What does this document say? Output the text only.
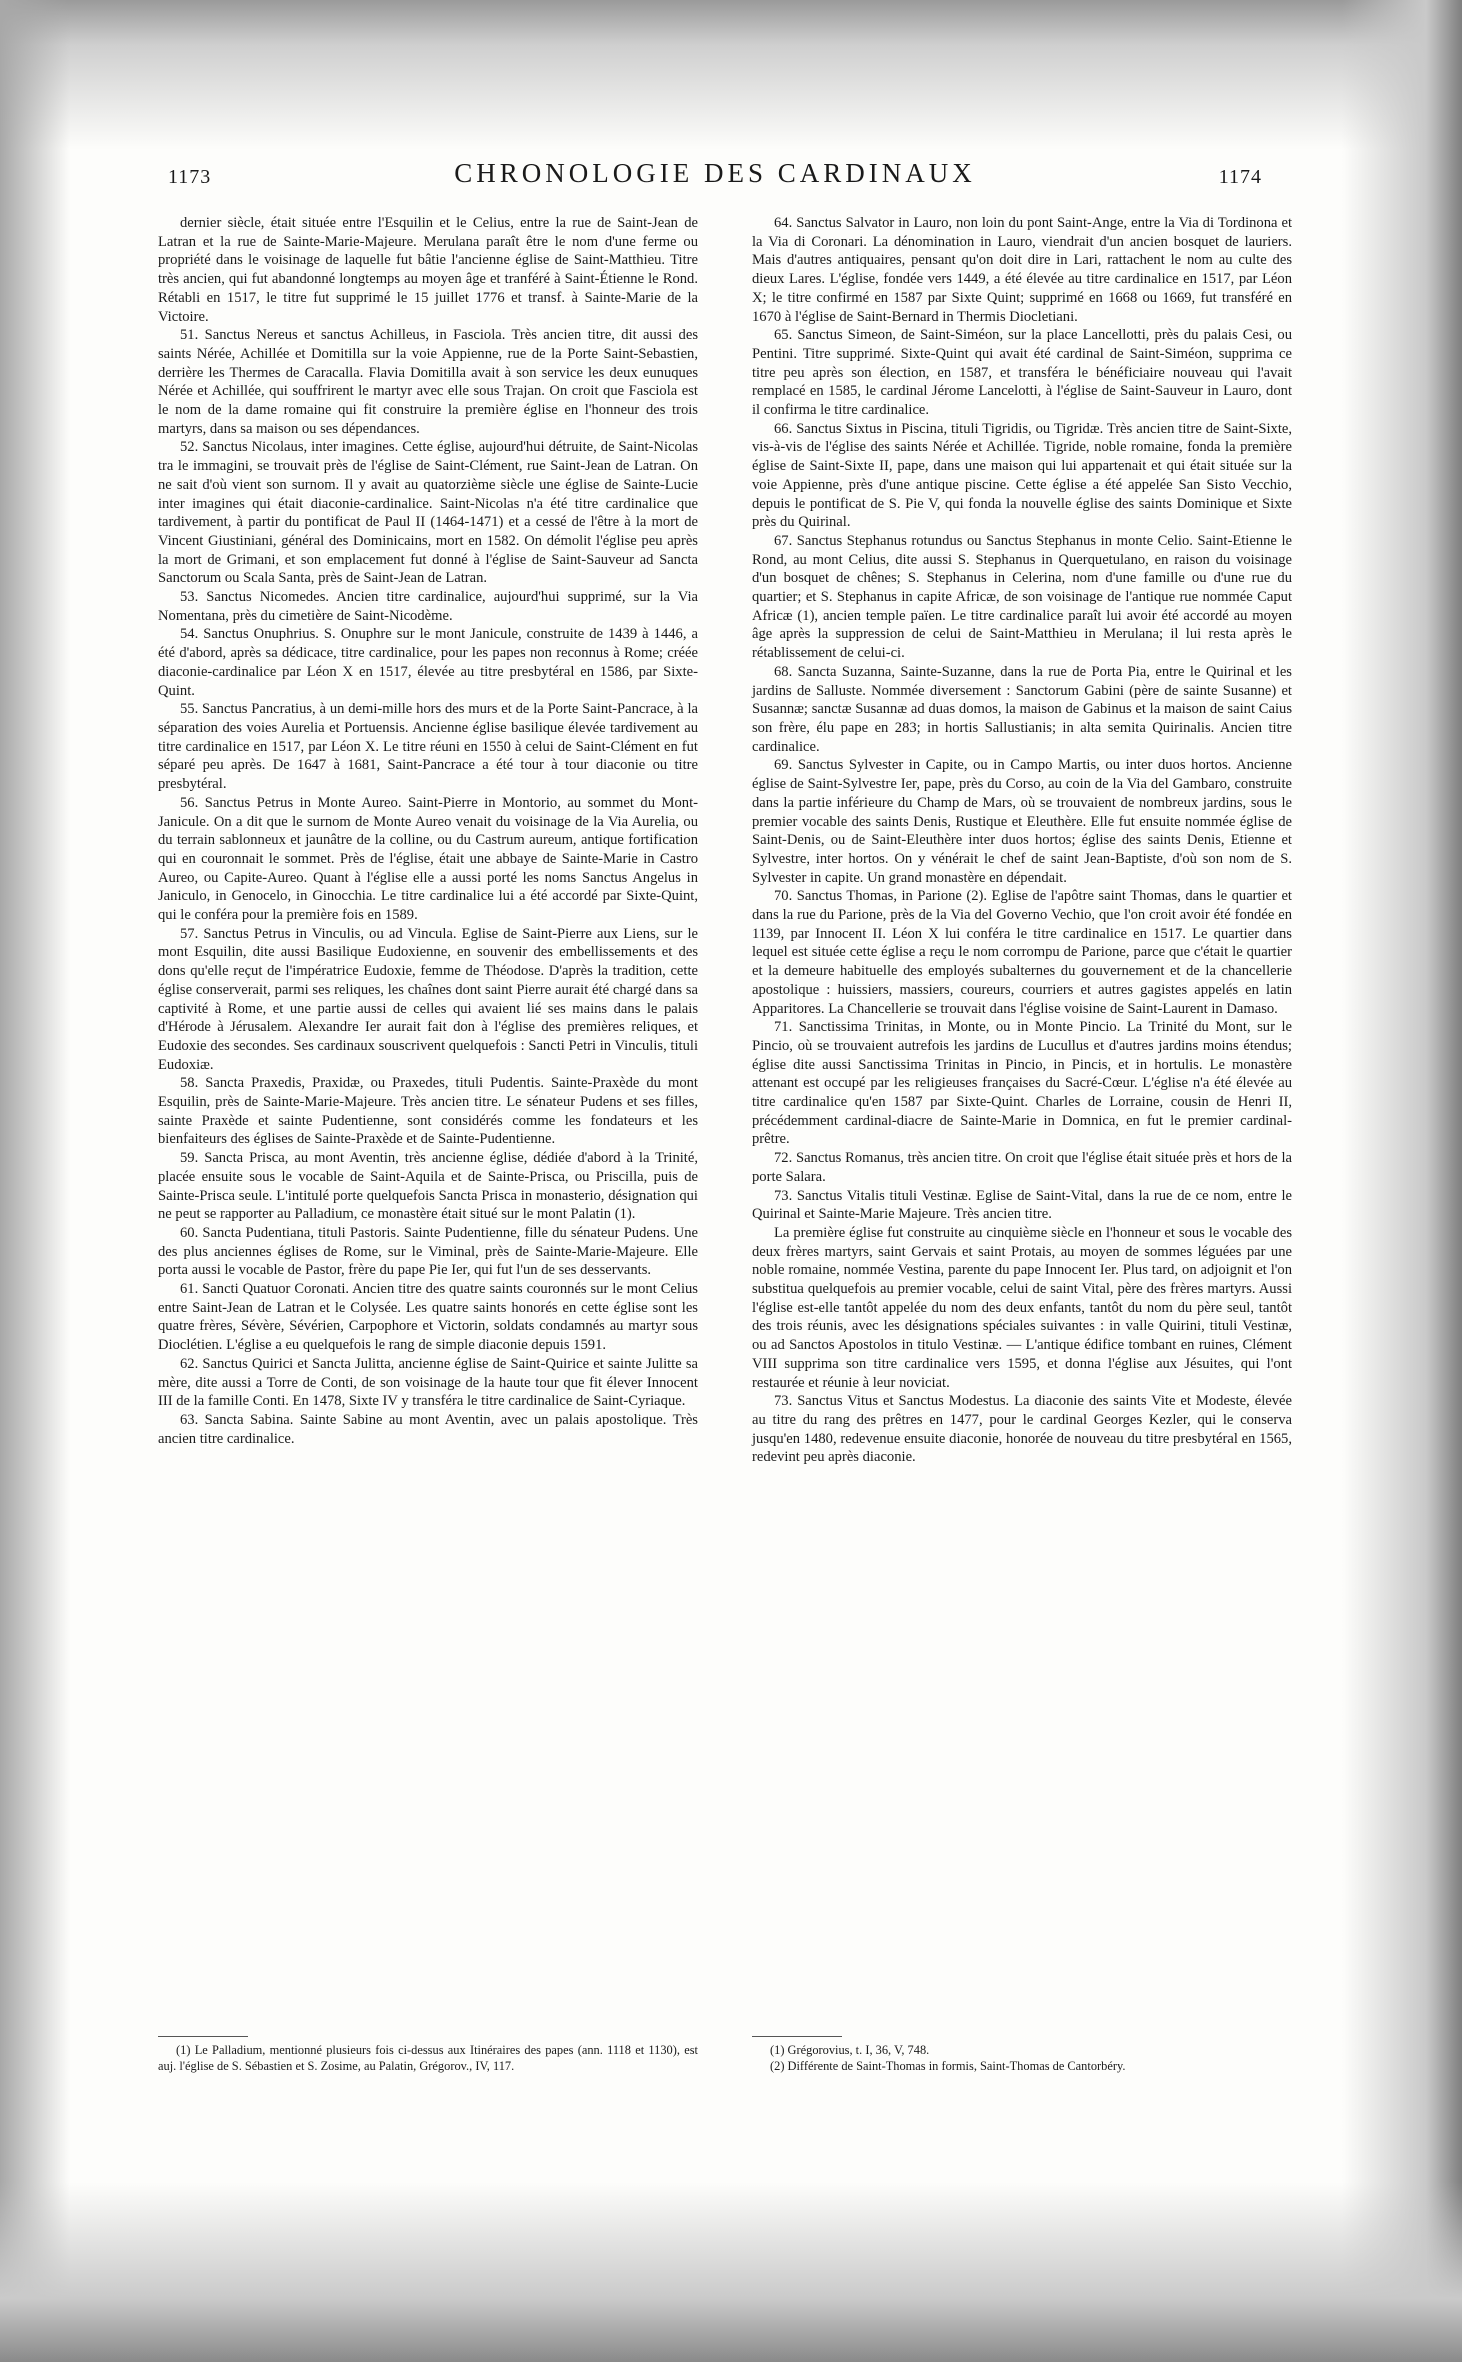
1173	CHRONOLOGIE DES CARDINAUX	1174

dernier siècle, était située entre l'Esquilin et le Celius, entre la rue de Saint-Jean de Latran et la rue de Sainte-Marie-Majeure. Merulana paraît être le nom d'une ferme ou propriété dans le voisinage de laquelle fut bâtie l'ancienne église de Saint-Matthieu. Titre très ancien, qui fut abandonné longtemps au moyen âge et tranféré à Saint-Étienne le Rond. Rétabli en 1517, le titre fut supprimé le 15 juillet 1776 et transf. à Sainte-Marie de la Victoire.

51. Sanctus Nereus et sanctus Achilleus, in Fasciola. Très ancien titre, dit aussi des saints Nérée, Achillée et Domitilla sur la voie Appienne, rue de la Porte Saint-Sebastien, derrière les Thermes de Caracalla. Flavia Domitilla avait à son service les deux eunuques Nérée et Achillée, qui souffrirent le martyr avec elle sous Trajan. On croit que Fasciola est le nom de la dame romaine qui fit construire la première église en l'honneur des trois martyrs, dans sa maison ou ses dépendances.

52. Sanctus Nicolaus, inter imagines. Cette église, aujourd'hui détruite, de Saint-Nicolas tra le immagini, se trouvait près de l'église de Saint-Clément, rue Saint-Jean de Latran. On ne sait d'où vient son surnom. Il y avait au quatorzième siècle une église de Sainte-Lucie inter imagines qui était diaconie-cardinalice. Saint-Nicolas n'a été titre cardinalice que tardivement, à partir du pontificat de Paul II (1464-1471) et a cessé de l'être à la mort de Vincent Giustiniani, général des Dominicains, mort en 1582. On démolit l'église peu après la mort de Grimani, et son emplacement fut donné à l'église de Saint-Sauveur ad Sancta Sanctorum ou Scala Santa, près de Saint-Jean de Latran.

53. Sanctus Nicomedes. Ancien titre cardinalice, aujourd'hui supprimé, sur la Via Nomentana, près du cimetière de Saint-Nicodème.

54. Sanctus Onuphrius. S. Onuphre sur le mont Janicule, construite de 1439 à 1446, a été d'abord, après sa dédicace, titre cardinalice, pour les papes non reconnus à Rome; créée diaconie-cardinalice par Léon X en 1517, élevée au titre presbytéral en 1586, par Sixte-Quint.

55. Sanctus Pancratius, à un demi-mille hors des murs et de la Porte Saint-Pancrace, à la séparation des voies Aurelia et Portuensis. Ancienne église basilique élevée tardivement au titre cardinalice en 1517, par Léon X. Le titre réuni en 1550 à celui de Saint-Clément en fut séparé peu après. De 1647 à 1681, Saint-Pancrace a été tour à tour diaconie ou titre presbytéral.

56. Sanctus Petrus in Monte Aureo. Saint-Pierre in Montorio, au sommet du Mont-Janicule. On a dit que le surnom de Monte Aureo venait du voisinage de la Via Aurelia, ou du terrain sablonneux et jaunâtre de la colline, ou du Castrum aureum, antique fortification qui en couronnait le sommet. Près de l'église, était une abbaye de Sainte-Marie in Castro Aureo, ou Capite-Aureo. Quant à l'église elle a aussi porté les noms Sanctus Angelus in Janiculo, in Genocelo, in Ginocchia. Le titre cardinalice lui a été accordé par Sixte-Quint, qui le conféra pour la première fois en 1589.

57. Sanctus Petrus in Vinculis, ou ad Vincula. Eglise de Saint-Pierre aux Liens, sur le mont Esquilin, dite aussi Basilique Eudoxienne, en souvenir des embellissements et des dons qu'elle reçut de l'impératrice Eudoxie, femme de Théodose. D'après la tradition, cette église conserverait, parmi ses reliques, les chaînes dont saint Pierre aurait été chargé dans sa captivité à Rome, et une partie aussi de celles qui avaient lié ses mains dans le palais d'Hérode à Jérusalem. Alexandre Ier aurait fait don à l'église des premières reliques, et Eudoxie des secondes. Ses cardinaux souscrivent quelquefois : Sancti Petri in Vinculis, tituli Eudoxiæ.

58. Sancta Praxedis, Praxidæ, ou Praxedes, tituli Pudentis. Sainte-Praxède du mont Esquilin, près de Sainte-Marie-Majeure. Très ancien titre. Le sénateur Pudens et ses filles, sainte Praxède et sainte Pudentienne, sont considérés comme les fondateurs et les bienfaiteurs des églises de Sainte-Praxède et de Sainte-Pudentienne.

59. Sancta Prisca, au mont Aventin, très ancienne église, dédiée d'abord à la Trinité, placée ensuite sous le vocable de Saint-Aquila et de Sainte-Prisca, ou Priscilla, puis de Sainte-Prisca seule. L'intitulé porte quelquefois Sancta Prisca in monasterio, désignation qui ne peut se rapporter au Palladium, ce monastère était situé sur le mont Palatin (1).

60. Sancta Pudentiana, tituli Pastoris. Sainte Pudentienne, fille du sénateur Pudens. Une des plus anciennes églises de Rome, sur le Viminal, près de Sainte-Marie-Majeure. Elle porta aussi le vocable de Pastor, frère du pape Pie Ier, qui fut l'un de ses desservants.

61. Sancti Quatuor Coronati. Ancien titre des quatre saints couronnés sur le mont Celius entre Saint-Jean de Latran et le Colysée. Les quatre saints honorés en cette église sont les quatre frères, Sévère, Sévérien, Carpophore et Victorin, soldats condamnés au martyr sous Dioclétien. L'église a eu quelquefois le rang de simple diaconie depuis 1591.

62. Sanctus Quirici et Sancta Julitta, ancienne église de Saint-Quirice et sainte Julitte sa mère, dite aussi a Torre de Conti, de son voisinage de la haute tour que fit élever Innocent III de la famille Conti. En 1478, Sixte IV y transféra le titre cardinalice de Saint-Cyriaque.

63. Sancta Sabina. Sainte Sabine au mont Aventin, avec un palais apostolique. Très ancien titre cardinalice.

64. Sanctus Salvator in Lauro, non loin du pont Saint-Ange, entre la Via di Tordinona et la Via di Coronari. La dénomination in Lauro, viendrait d'un ancien bosquet de lauriers. Mais d'autres antiquaires, pensant qu'on doit dire in Lari, rattachent le nom au culte des dieux Lares. L'église, fondée vers 1449, a été élevée au titre cardinalice en 1517, par Léon X; le titre confirmé en 1587 par Sixte Quint; supprimé en 1668 ou 1669, fut transféré en 1670 à l'église de Saint-Bernard in Thermis Diocletiani.

65. Sanctus Simeon, de Saint-Siméon, sur la place Lancellotti, près du palais Cesi, ou Pentini. Titre supprimé. Sixte-Quint qui avait été cardinal de Saint-Siméon, supprima ce titre peu après son élection, en 1587, et transféra le bénéficiaire nouveau qui l'avait remplacé en 1585, le cardinal Jérome Lancelotti, à l'église de Saint-Sauveur in Lauro, dont il confirma le titre cardinalice.

66. Sanctus Sixtus in Piscina, tituli Tigridis, ou Tigridæ. Très ancien titre de Saint-Sixte, vis-à-vis de l'église des saints Nérée et Achillée. Tigride, noble romaine, fonda la première église de Saint-Sixte II, pape, dans une maison qui lui appartenait et qui était située sur la voie Appienne, près d'une antique piscine. Cette église a été appelée San Sisto Vecchio, depuis le pontificat de S. Pie V, qui fonda la nouvelle église des saints Dominique et Sixte près du Quirinal.

67. Sanctus Stephanus rotundus ou Sanctus Stephanus in monte Celio. Saint-Etienne le Rond, au mont Celius, dite aussi S. Stephanus in Querquetulano, en raison du voisinage d'un bosquet de chênes; S. Stephanus in Celerina, nom d'une famille ou d'une rue du quartier; et S. Stephanus in capite Africæ, de son voisinage de l'antique rue nommée Caput Africæ (1), ancien temple païen. Le titre cardinalice paraît lui avoir été accordé au moyen âge après la suppression de celui de Saint-Matthieu in Merulana; il lui resta après le rétablissement de celui-ci.

68. Sancta Suzanna, Sainte-Suzanne, dans la rue de Porta Pia, entre le Quirinal et les jardins de Salluste. Nommée diversement : Sanctorum Gabini (père de sainte Susanne) et Susannæ; sanctæ Susannæ ad duas domos, la maison de Gabinus et la maison de saint Caius son frère, élu pape en 283; in hortis Sallustianis; in alta semita Quirinalis. Ancien titre cardinalice.

69. Sanctus Sylvester in Capite, ou in Campo Martis, ou inter duos hortos. Ancienne église de Saint-Sylvestre Ier, pape, près du Corso, au coin de la Via del Gambaro, construite dans la partie inférieure du Champ de Mars, où se trouvaient de nombreux jardins, sous le premier vocable des saints Denis, Rustique et Eleuthère. Elle fut ensuite nommée église de Saint-Denis, ou de Saint-Eleuthère inter duos hortos; église des saints Denis, Etienne et Sylvestre, inter hortos. On y vénérait le chef de saint Jean-Baptiste, d'où son nom de S. Sylvester in capite. Un grand monastère en dépendait.

70. Sanctus Thomas, in Parione (2). Eglise de l'apôtre saint Thomas, dans le quartier et dans la rue du Parione, près de la Via del Governo Vechio, que l'on croit avoir été fondée en 1139, par Innocent II. Léon X lui conféra le titre cardinalice en 1517. Le quartier dans lequel est située cette église a reçu le nom corrompu de Parione, parce que c'était le quartier et la demeure habituelle des employés subalternes du gouvernement et de la chancellerie apostolique : huissiers, massiers, coureurs, courriers et autres gagistes appelés en latin Apparitores. La Chancellerie se trouvait dans l'église voisine de Saint-Laurent in Damaso.

71. Sanctissima Trinitas, in Monte, ou in Monte Pincio. La Trinité du Mont, sur le Pincio, où se trouvaient autrefois les jardins de Lucullus et d'autres jardins moins étendus; église dite aussi Sanctissima Trinitas in Pincio, in Pincis, et in hortulis. Le monastère attenant est occupé par les religieuses françaises du Sacré-Cœur. L'église n'a été élevée au titre cardinalice qu'en 1587 par Sixte-Quint. Charles de Lorraine, cousin de Henri II, précédemment cardinal-diacre de Sainte-Marie in Domnica, en fut le premier cardinal-prêtre.

72. Sanctus Romanus, très ancien titre. On croit que l'église était située près et hors de la porte Salara.

73. Sanctus Vitalis tituli Vestinæ. Eglise de Saint-Vital, dans la rue de ce nom, entre le Quirinal et Sainte-Marie Majeure. Très ancien titre.

La première église fut construite au cinquième siècle en l'honneur et sous le vocable des deux frères martyrs, saint Gervais et saint Protais, au moyen de sommes léguées par une noble romaine, nommée Vestina, parente du pape Innocent Ier. Plus tard, on adjoignit et l'on substitua quelquefois au premier vocable, celui de saint Vital, père des frères martyrs. Aussi l'église est-elle tantôt appelée du nom des deux enfants, tantôt du nom du père seul, tantôt des trois réunis, avec les désignations spéciales suivantes : in valle Quirini, tituli Vestinæ, ou ad Sanctos Apostolos in titulo Vestinæ. — L'antique édifice tombant en ruines, Clément VIII supprima son titre cardinalice vers 1595, et donna l'église aux Jésuites, qui l'ont restaurée et réunie à leur noviciat.

73. Sanctus Vitus et Sanctus Modestus. La diaconie des saints Vite et Modeste, élevée au titre du rang des prêtres en 1477, pour le cardinal Georges Kezler, qui le conserva jusqu'en 1480, redevenue ensuite diaconie, honorée de nouveau du titre presbytéral en 1565, redevint peu après diaconie.

(1) Le Palladium, mentionné plusieurs fois ci-dessus aux Itinéraires des papes (ann. 1118 et 1130), est auj. l'église de S. Sébastien et S. Zosime, au Palatin, Grégorov., IV, 117.

(1) Grégorovius, t. I, 36, V, 748.

(2) Différente de Saint-Thomas in formis, Saint-Thomas de Cantorbéry.
